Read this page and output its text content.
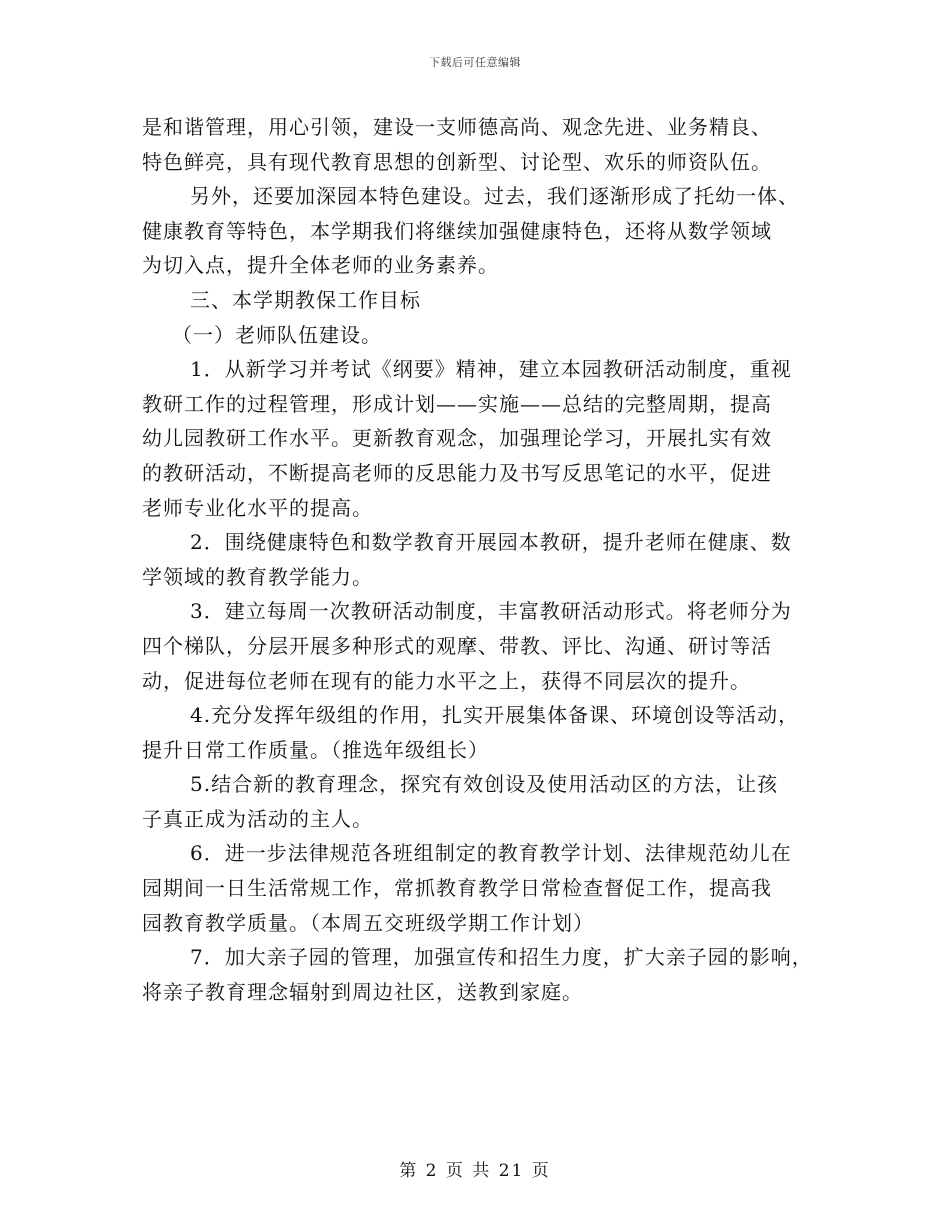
下载后可任意编辑
是和谐管理，用心引领，建设一支师德高尚、观念先进、业务精良、
特色鲜亮，具有现代教育思想的创新型、讨论型、欢乐的师资队伍。
另外，还要加深园本特色建设。过去，我们逐渐形成了托幼一体、
健康教育等特色，本学期我们将继续加强健康特色，还将从数学领域
为切入点，提升全体老师的业务素养。
三、本学期教保工作目标
（一）老师队伍建设。
1．从新学习并考试《纲要》精神，建立本园教研活动制度，重视
教研工作的过程管理，形成计划——实施——总结的完整周期，提高
幼儿园教研工作水平。更新教育观念，加强理论学习，开展扎实有效
的教研活动，不断提高老师的反思能力及书写反思笔记的水平，促进
老师专业化水平的提高。
2．围绕健康特色和数学教育开展园本教研，提升老师在健康、数
学领域的教育教学能力。
3．建立每周一次教研活动制度，丰富教研活动形式。将老师分为
四个梯队，分层开展多种形式的观摩、带教、评比、沟通、研讨等活
动，促进每位老师在现有的能力水平之上，获得不同层次的提升。
4.充分发挥年级组的作用，扎实开展集体备课、环境创设等活动，
提升日常工作质量。（推选年级组长）
5.结合新的教育理念，探究有效创设及使用活动区的方法，让孩
子真正成为活动的主人。
6．进一步法律规范各班组制定的教育教学计划、法律规范幼儿在
园期间一日生活常规工作，常抓教育教学日常检查督促工作，提高我
园教育教学质量。（本周五交班级学期工作计划）
7．加大亲子园的管理，加强宣传和招生力度，扩大亲子园的影响，
将亲子教育理念辐射到周边社区，送教到家庭。
第 2 页 共 21 页
